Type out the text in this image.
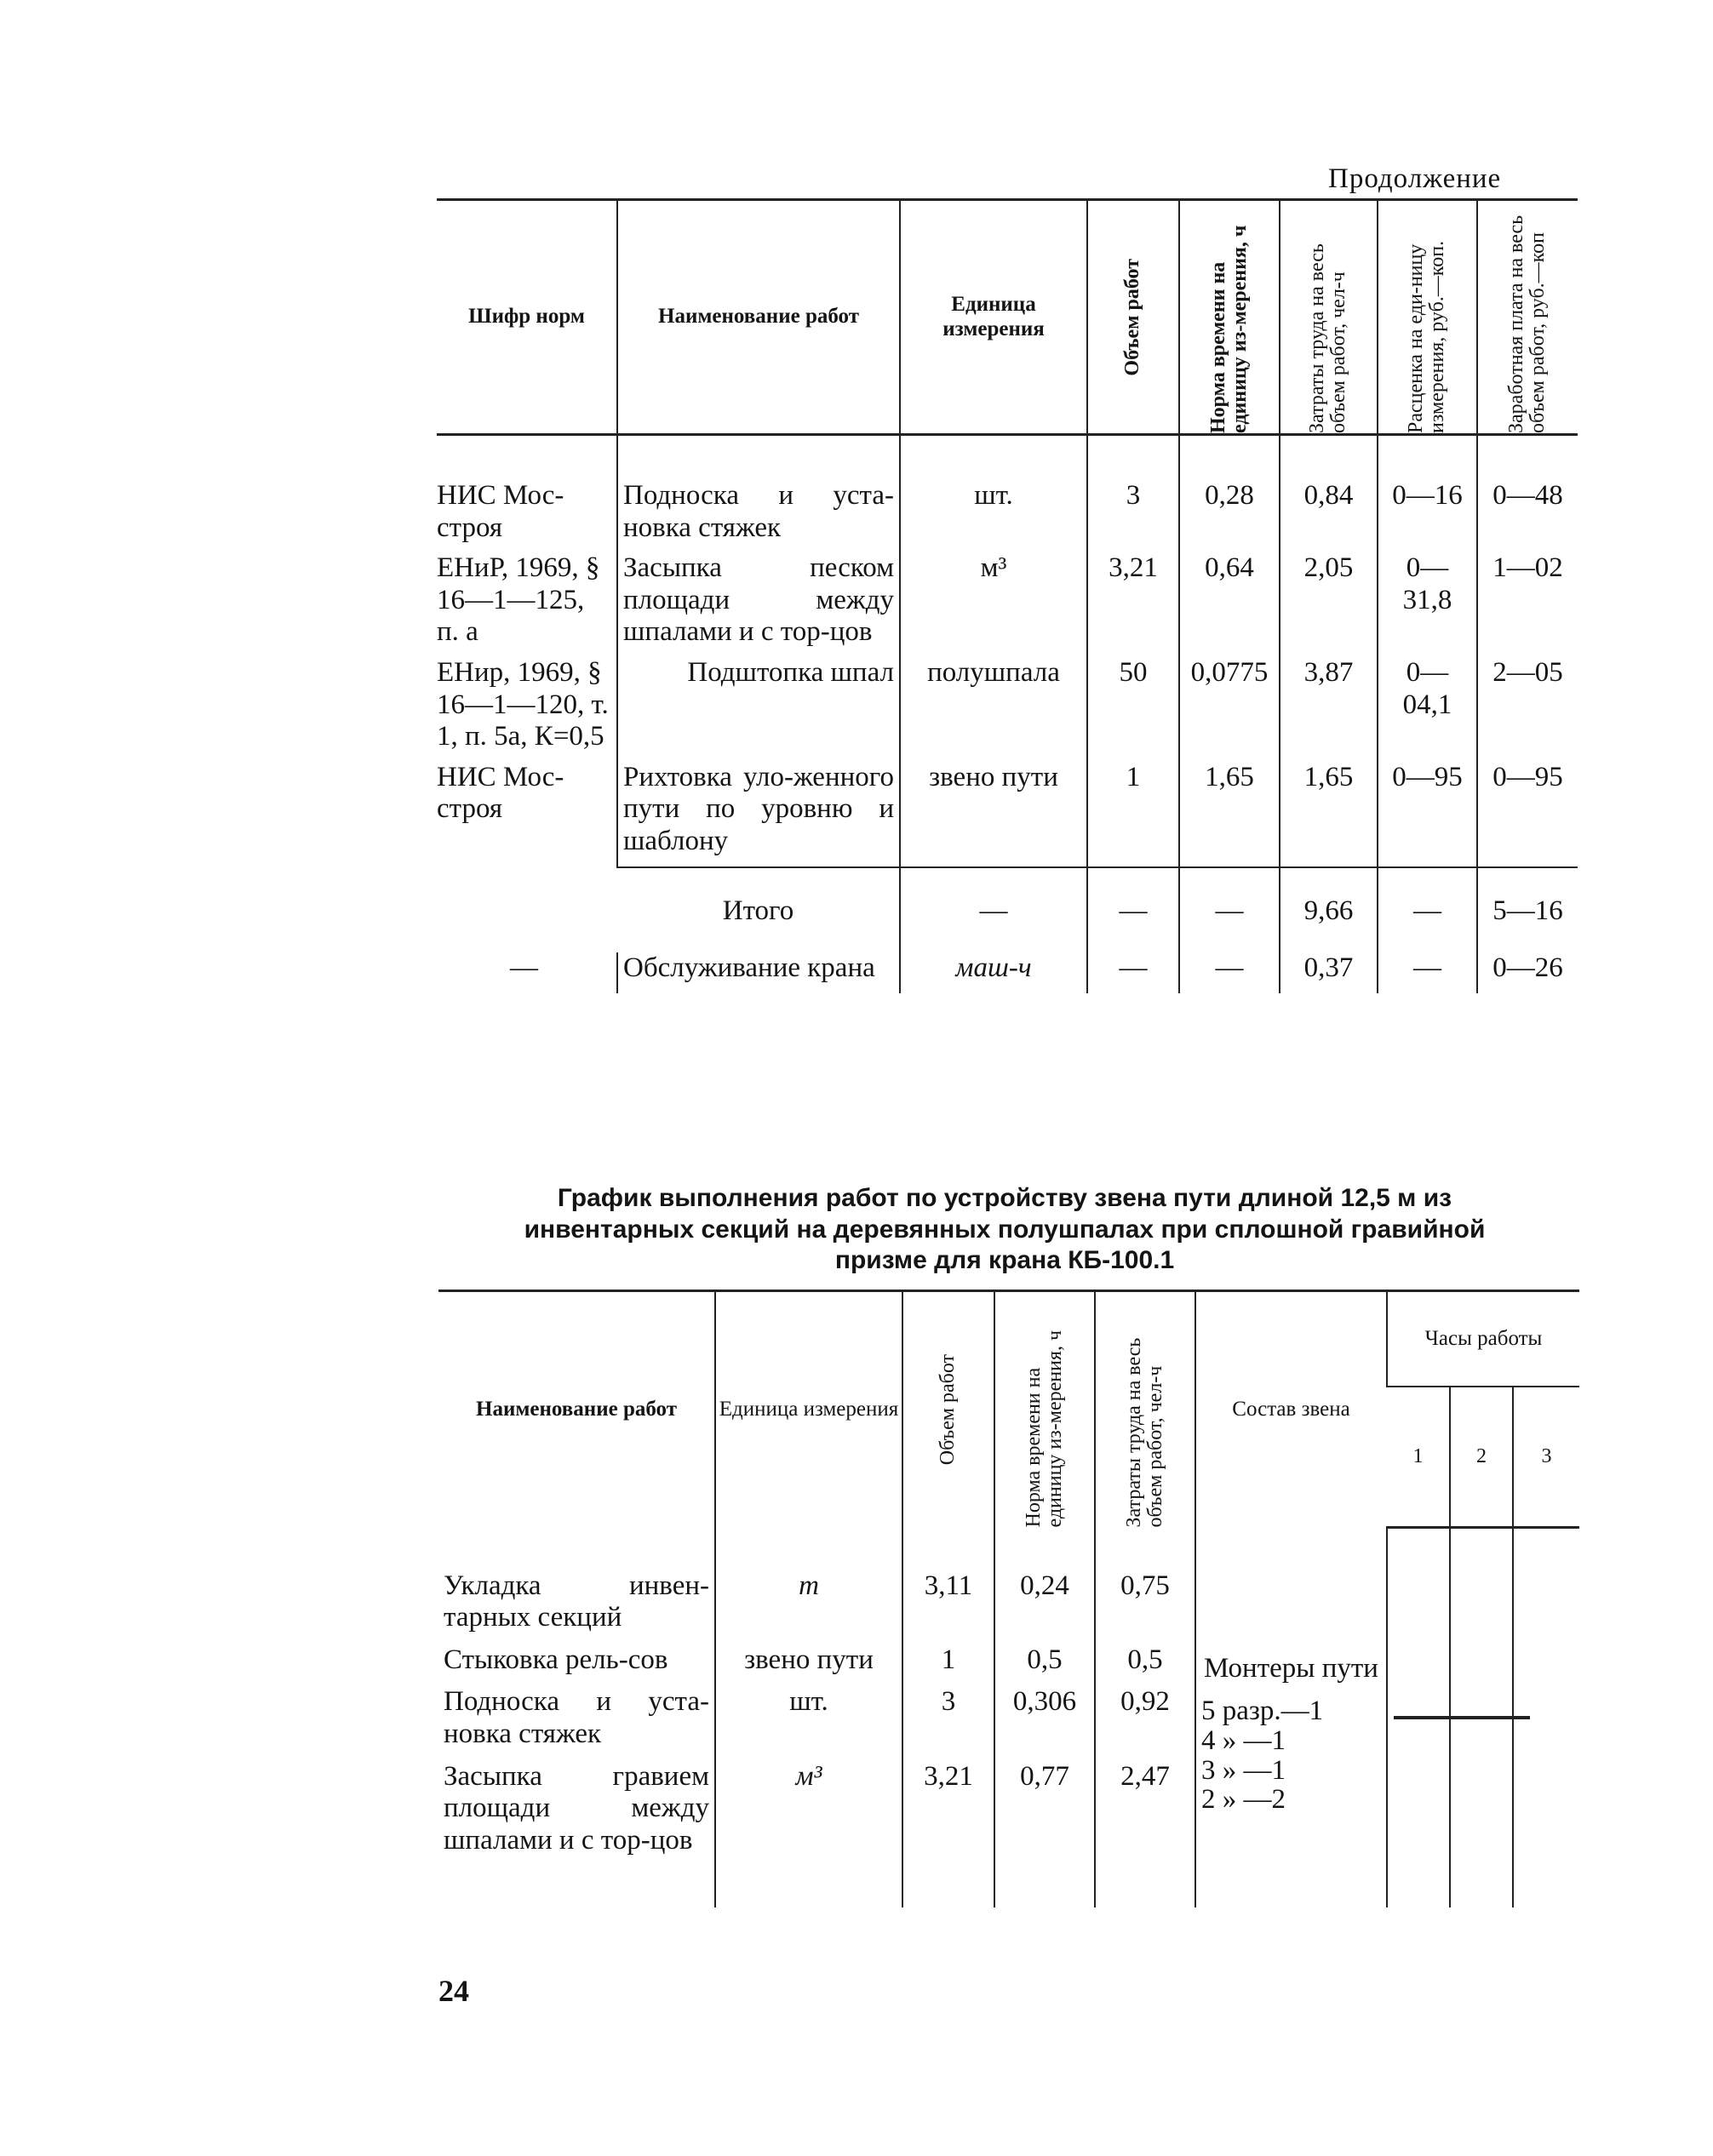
Продолжение
Шифр норм	Наименование работ	Единица измерения	Объем работ	Норма времени на единицу из-мерения, ч	Затраты труда на весь объем работ, чел-ч	Расценка на еди-ницу измерения, руб.—коп.	Заработная плата на весь объем работ, руб.—коп

НИС Мос-строя	Подноска и уста-новка стяжек	шт.	3	0,28	0,84	0—16	0—48
ЕНиР, 1969, § 16—1—125, п. а	Засыпка песком площади между шпалами и с тор-цов	м³	3,21	0,64	2,05	0—31,8	1—02
ЕНир, 1969, § 16—1—120, т. 1, п. 5а, К=0,5	Подштопка шпал	полушпала	50	0,0775	3,87	0—04,1	2—05
НИС Мос-строя	Рихтовка уло-женного пути по уровню и шаблону	звено пути	1	1,65	1,65	0—95	0—95
	Итого	—	—	—	9,66	—	5—16
—	Обслуживание крана	маш-ч	—	—	0,37	—	0—26
График выполнения работ по устройству звена пути длиной 12,5 м из инвентарных секций на деревянных полушпалах при сплошной гравийной призме для крана КБ-100.1
Наименование работ	Единица измерения	Объем работ	Норма времени на единицу из-мерения, ч	Затраты труда на весь объем работ, чел-ч	Состав звена	Часы работы		
						1	2	3
Укладка инвен-тарных секций	т	3,11	0,24	0,75	Монтеры пути
5 разр.—1
4 » —1
3 » —1
2 » —2			

Стыковка рель-сов	звено пути	1	0,5	0,5				
Подноска и уста-новка стяжек	шт.	3	0,306	0,92				
Засыпка гравием площади между шпалами и с тор-цов	м³	3,21	0,77	2,47				
24
